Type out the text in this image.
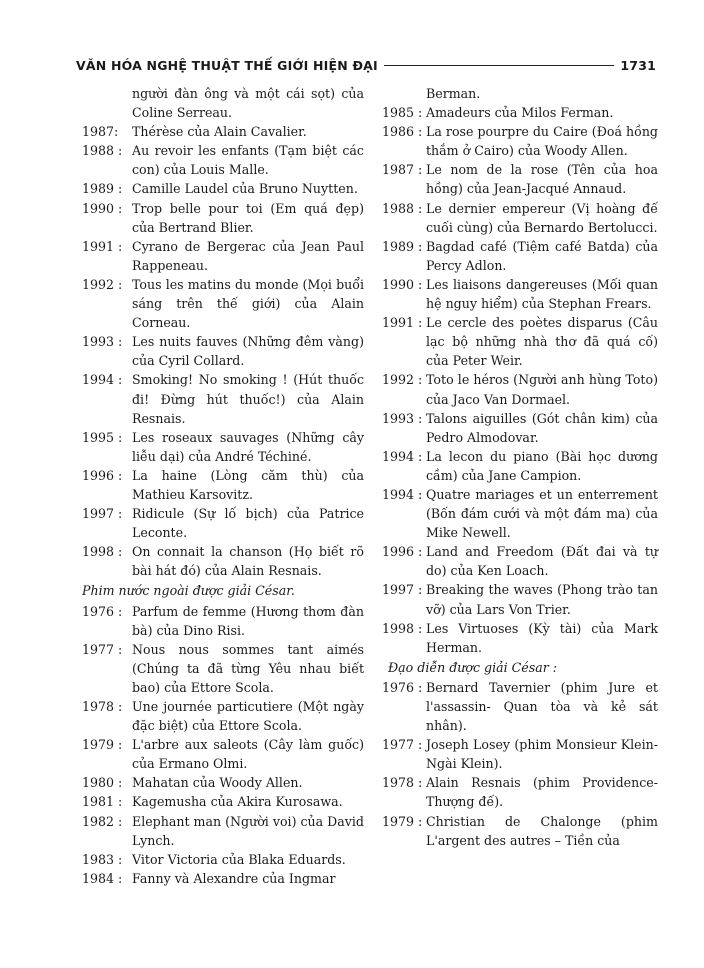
VĂN HÓA NGHỆ THUẬT THẾ GIỚI HIỆN ĐẠI	1731
người đàn ông và một cái sọt) của Coline Serreau.
1987:	Thérèse của Alain Cavalier.
1988 : Au revoir les enfants (Tạm biệt các con) của Louis Malle.
1989 : Camille Laudel của Bruno Nuytten.
1990 : Trop belle pour toi (Em quá đẹp) của Bertrand Blier.
1991 : Cyrano de Bergerac của Jean Paul Rappeneau.
1992 : Tous les matins du monde (Mọi buổi sáng trên thế giới) của Alain Corneau.
1993 : Les nuits fauves (Những đêm vàng) của Cyril Collard.
1994 : Smoking! No smoking ! (Hút thuốc đi! Đừng hút thuốc!) của Alain Resnais.
1995 : Les roseaux sauvages (Những cây liễu dại) của André Téchiné.
1996 : La haine (Lòng căm thù) của Mathieu Karsovitz.
1997 : Ridicule (Sự lố bịch) của Patrice Leconte.
1998 : On connait la chanson (Họ biết rõ bài hát đó) của Alain Resnais.
Phim nước ngoài được giải César.
1976 : Parfum de femme (Hương thơm đàn bà) của Dino Risi.
1977 : Nous nous sommes tant aimés (Chúng ta đã từng Yêu nhau biết bao) của Ettore Scola.
1978 : Une journée particutiere (Một ngày đặc biệt) của Ettore Scola.
1979 : L'arbre aux saleots (Cây làm guốc) của Ermano Olmi.
1980 : Mahatan của Woody Allen.
1981 : Kagemusha của Akira Kurosawa.
1982 : Elephant man (Người voi) của David Lynch.
1983 : Vitor Victoria của Blaka Eduards.
1984 : Fanny và Alexandre của Ingmar
Berman.
1985 : Amadeurs của Milos Ferman.
1986 : La rose pourpre du Caire (Đoá hồng thắm ở Cairo) của Woody Allen.
1987 : Le nom de la rose (Tên của hoa hồng) của Jean-Jacqué Annaud.
1988 : Le dernier empereur (Vị hoàng đế cuối cùng) của Bernardo Bertolucci.
1989 : Bagdad café (Tiệm café Batda) của Percy Adlon.
1990 : Les liaisons dangereuses (Mối quan hệ nguy hiểm) của Stephan Frears.
1991 : Le cercle des poètes disparus (Câu lạc bộ những nhà thơ đã quá cố) của Peter Weir.
1992 : Toto le héros (Người anh hùng Toto) của Jaco Van Dormael.
1993 : Talons aiguilles (Gót chân kim) của Pedro Almodovar.
1994 : La lecon du piano (Bài học dương cầm) của Jane Campion.
1994 : Quatre mariages et un enterrement (Bốn đám cưới và một đám ma) của Mike Newell.
1996 : Land and Freedom (Đất đai và tự do) của Ken Loach.
1997 : Breaking the waves (Phong trào tan vỡ) của Lars Von Trier.
1998 : Les Virtuoses (Kỳ tài) của Mark Herman.
Đạo diễn được giải César :
1976 : Bernard Tavernier (phim Jure et l'assassin- Quan tòa và kẻ sát nhân).
1977 : Joseph Losey (phim Monsieur Klein- Ngài Klein).
1978 : Alain Resnais (phim Providence- Thượng đế).
1979 : Christian de Chalonge (phim L'argent des autres – Tiền của
